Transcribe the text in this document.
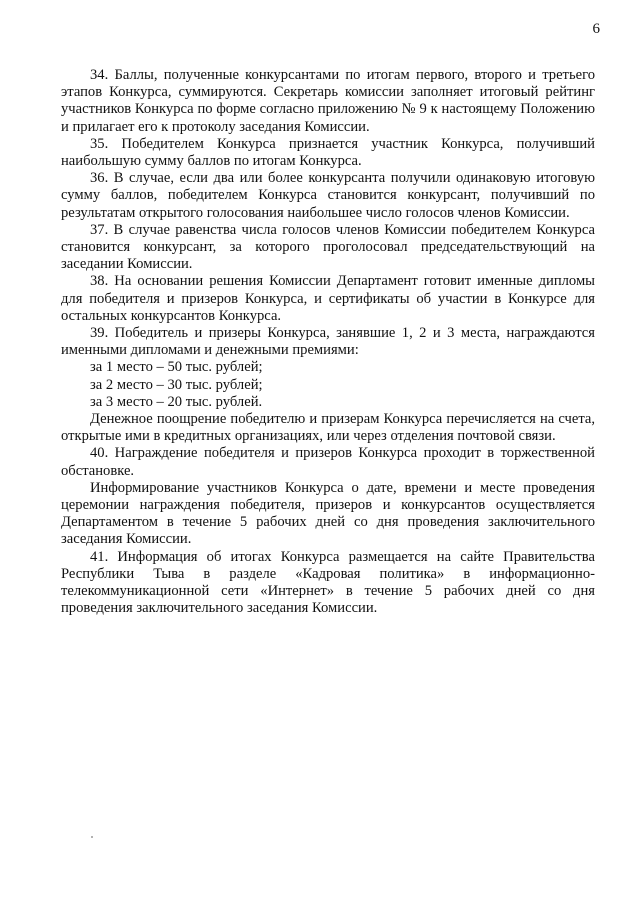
6

34. Баллы, полученные конкурсантами по итогам первого, второго и третьего этапов Конкурса, суммируются. Секретарь комиссии заполняет итоговый рейтинг участников Конкурса по форме согласно приложению № 9 к настоящему Положению и прилагает его к протоколу заседания Комиссии.

35. Победителем Конкурса признается участник Конкурса, получивший наибольшую сумму баллов по итогам Конкурса.

36. В случае, если два или более конкурсанта получили одинаковую итоговую сумму баллов, победителем Конкурса становится конкурсант, получивший по результатам открытого голосования наибольшее число голосов членов Комиссии.

37. В случае равенства числа голосов членов Комиссии победителем Конкурса становится конкурсант, за которого проголосовал председательствующий на заседании Комиссии.

38. На основании решения Комиссии Департамент готовит именные дипломы для победителя и призеров Конкурса, и сертификаты об участии в Конкурсе для остальных конкурсантов Конкурса.

39. Победитель и призеры Конкурса, занявшие 1, 2 и 3 места, награждаются именными дипломами и денежными премиями:

за 1 место – 50 тыс. рублей;

за 2 место – 30 тыс. рублей;

за 3 место – 20 тыс. рублей.

Денежное поощрение победителю и призерам Конкурса перечисляется на счета, открытые ими в кредитных организациях, или через отделения почтовой связи.

40. Награждение победителя и призеров Конкурса проходит в торжественной обстановке.

Информирование участников Конкурса о дате, времени и месте проведения церемонии награждения победителя, призеров и конкурсантов осуществляется Департаментом в течение 5 рабочих дней со дня проведения заключительного заседания Комиссии.

41. Информация об итогах Конкурса размещается на сайте Правительства Республики Тыва в разделе «Кадровая политика» в информационно-телекоммуникационной сети «Интернет» в течение 5 рабочих дней со дня проведения заключительного заседания Комиссии.
